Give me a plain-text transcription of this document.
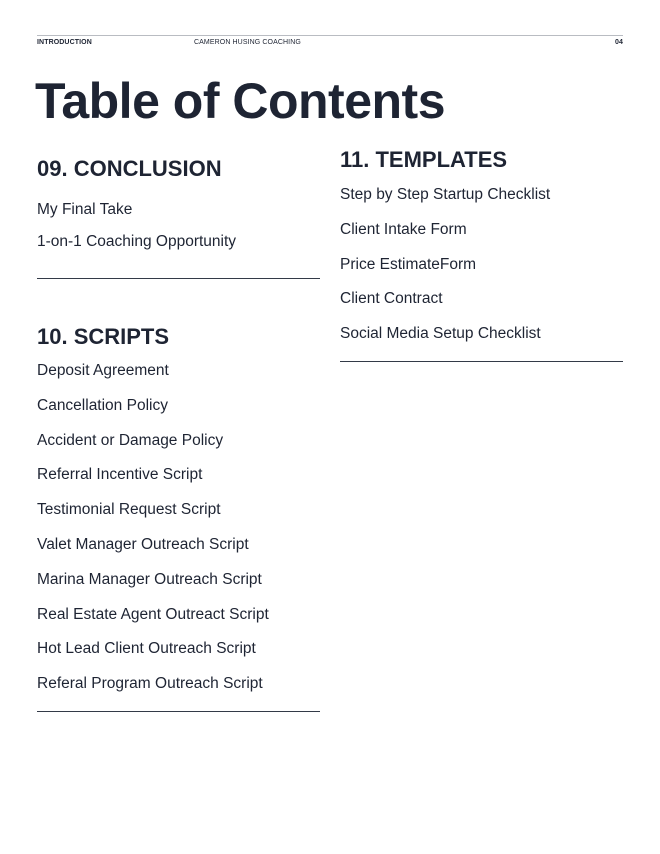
INTRODUCTION	CAMERON HUSING COACHING	04
Table of Contents
09. CONCLUSION
My Final Take
1-on-1 Coaching Opportunity
10. SCRIPTS
Deposit Agreement
Cancellation Policy
Accident or Damage Policy
Referral Incentive Script
Testimonial Request Script
Valet Manager Outreach Script
Marina Manager Outreach Script
Real Estate Agent Outreact Script
Hot Lead Client Outreach Script
Referal Program Outreach Script
11. TEMPLATES
Step by Step Startup Checklist
Client Intake Form
Price EstimateForm
Client Contract
Social Media Setup Checklist
